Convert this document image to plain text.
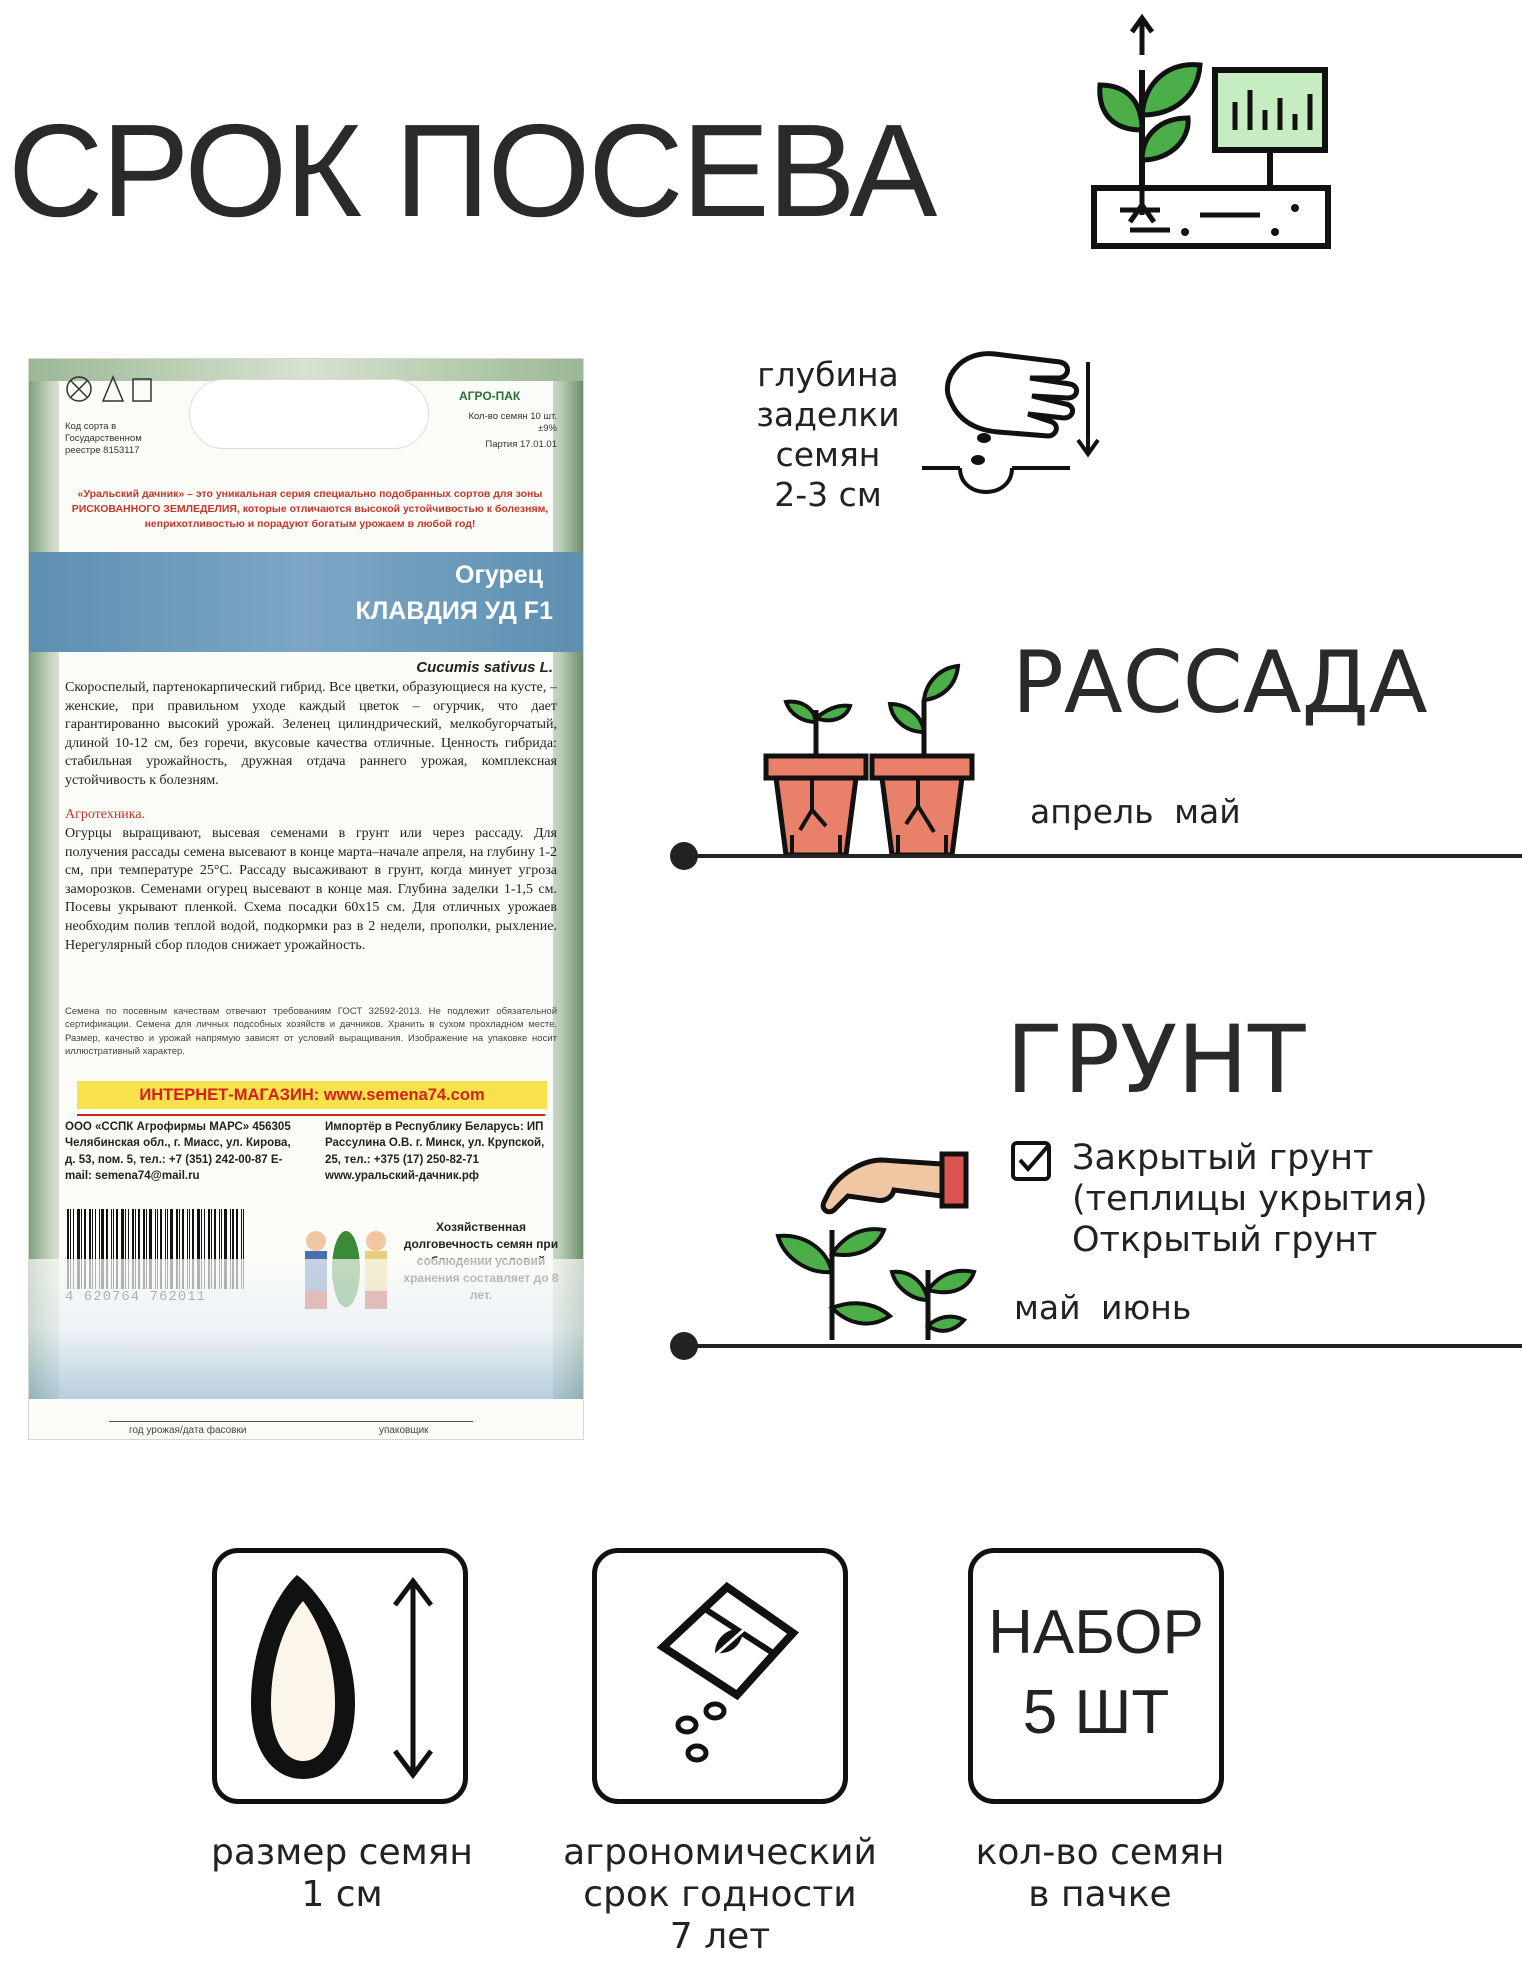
СРОК ПОСЕВА
Код сорта в Государственном реестре 8153117
АГРО-ПАК
Кол-во семян 10 шт. ±9%
Партия 17.01.01
«Уральский дачник» – это уникальная серия специально подобранных сортов для зоны РИСКОВАННОГО ЗЕМЛЕДЕЛИЯ, которые отличаются высокой устойчивостью к болезням, неприхотливостью и порадуют богатым урожаем в любой год!
Огурец
КЛАВДИЯ УД F1
Cucumis sativus L.
Скороспелый, партенокарпический гибрид. Все цветки, образующиеся на кусте, – женские, при правильном уходе каждый цветок – огурчик, что дает гарантированно высокий урожай. Зеленец цилиндрический, мелкобугорчатый, длиной 10-12 см, без горечи, вкусовые качества отличные. Ценность гибрида: стабильная урожайность, дружная отдача раннего урожая, комплексная устойчивость к болезням.
Агротехника.
Огурцы выращивают, высевая семенами в грунт или через рассаду. Для получения рассады семена высевают в конце марта–начале апреля, на глубину 1-2 см, при температуре 25°С. Рассаду высаживают в грунт, когда минует угроза заморозков. Семенами огурец высевают в конце мая. Глубина заделки 1-1,5 см. Посевы укрывают пленкой. Схема посадки 60x15 см. Для отличных урожаев необходим полив теплой водой, подкормки раз в 2 недели, прополки, рыхление. Нерегулярный сбор плодов снижает урожайность.
Семена по посевным качествам отвечают требованиям ГОСТ 32592-2013. Не подлежит обязательной сертификации. Семена для личных подсобных хозяйств и дачников. Хранить в сухом прохладном месте. Размер, качество и урожай напрямую зависят от условий выращивания. Изображение на упаковке носит иллюстративный характер.
ИНТЕРНЕТ-МАГАЗИН: www.semena74.com
ООО «ССПК Агрофирмы МАРС» 456305 Челябинская обл., г. Миасс, ул. Кирова, д. 53, пом. 5, тел.: +7 (351) 242-00-87 E-mail: semena74@mail.ru
Импортёр в Республику Беларусь: ИП Рассулина О.В. г. Минск, ул. Крупской, 25, тел.: +375 (17) 250-82-71 www.уральский-дачник.рф
Хозяйственная долговечность семян при
год урожая/дата фасовки	упаковщик
глубина
заделки
семян
2-3 см
РАССАДА
апрель май
ГРУНТ
Закрытый грунт
(теплицы укрытия)
Открытый грунт
май июнь
размер семян
1 см
агрономический
срок годности
7 лет
НАБОР
5 ШТ
кол-во семян
в пачке
